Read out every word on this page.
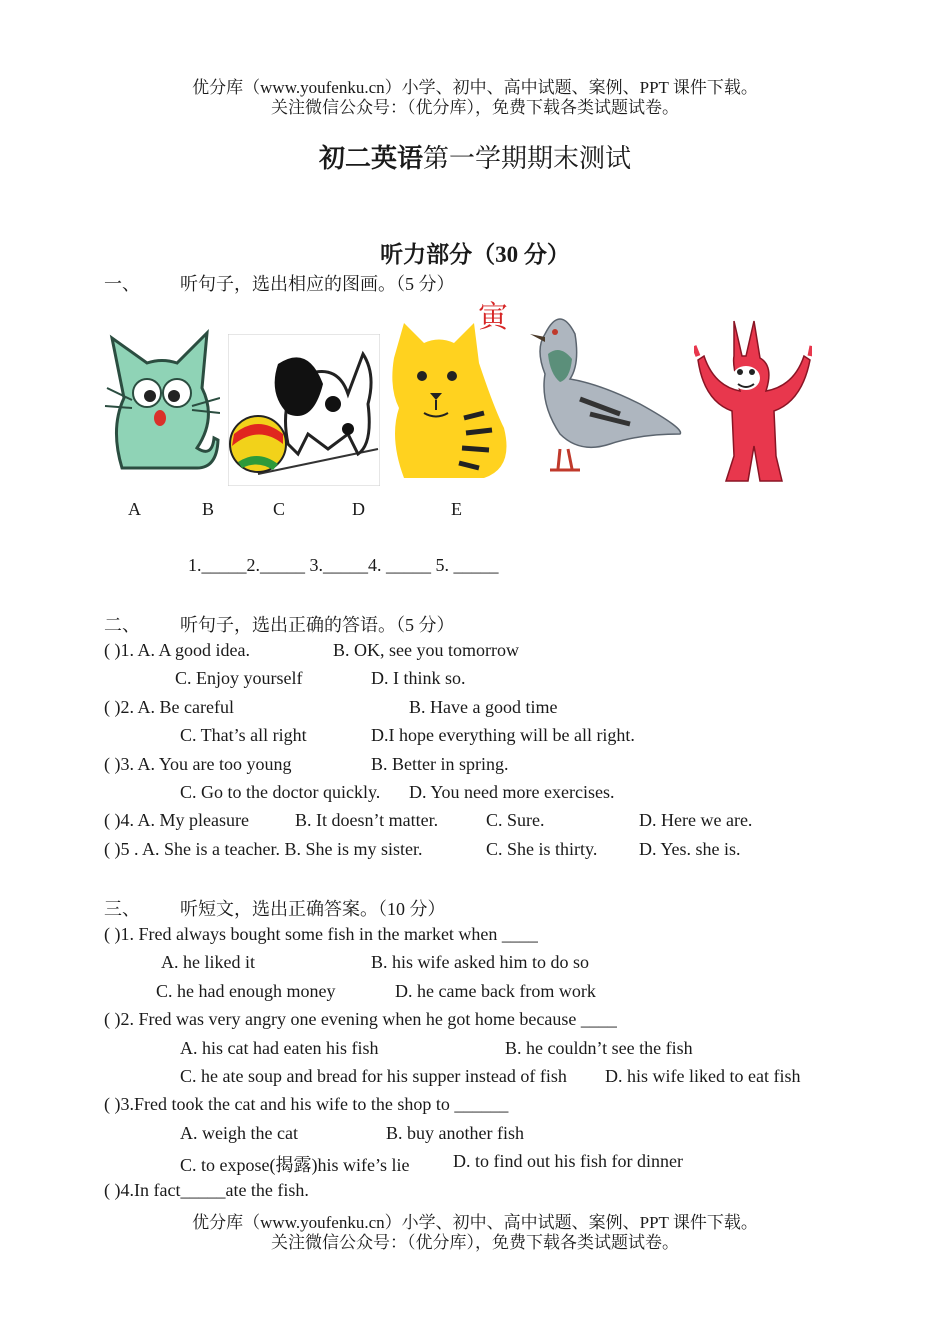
优分库（www.youfenku.cn）小学、初中、高中试题、案例、PPT 课件下载。
关注微信公众号：（优分库），免费下载各类试题试卷。
初二英语第一学期期末测试
听力部分（30 分）
一、 听句子，选出相应的图画。（5 分）
寅
A	B	C	D	E
1._____2._____ 3._____4. _____ 5. _____
二、 听句子，选出正确的答语。（5 分）
( )1. A. A good idea.	B. OK, see you tomorrow
C. Enjoy yourself	D. I think so.
( )2. A. Be careful	B. Have a good time
C. That’s all right	D.I hope everything will be all right.
( )3. A. You are too young	B. Better in spring.
C. Go to the doctor quickly. D. You need more exercises.
( )4. A. My pleasure	B. It doesn’t matter.	C. Sure.	D. Here we are.
( )5 . A. She is a teacher. B. She is my sister.	C. She is thirty. D. Yes. she is.
三、 听短文，选出正确答案。（10 分）
( )1. Fred always bought some fish in the market when ____
A. he liked it	B. his wife asked him to do so
C. he had enough money	D. he came back from work
( )2. Fred was very angry one evening when he got home because ____
A. his cat had eaten his fish	B. he couldn’t see the fish
C. he ate soup and bread for his supper instead of fish D. his wife liked to eat fish
( )3.Fred took the cat and his wife to the shop to ______
A. weigh the cat	B. buy another fish
C. to expose(揭露)his wife’s lie D. to find out his fish for dinner
( )4.In fact_____ate the fish.
优分库（www.youfenku.cn）小学、初中、高中试题、案例、PPT 课件下载。
关注微信公众号：（优分库），免费下载各类试题试卷。
